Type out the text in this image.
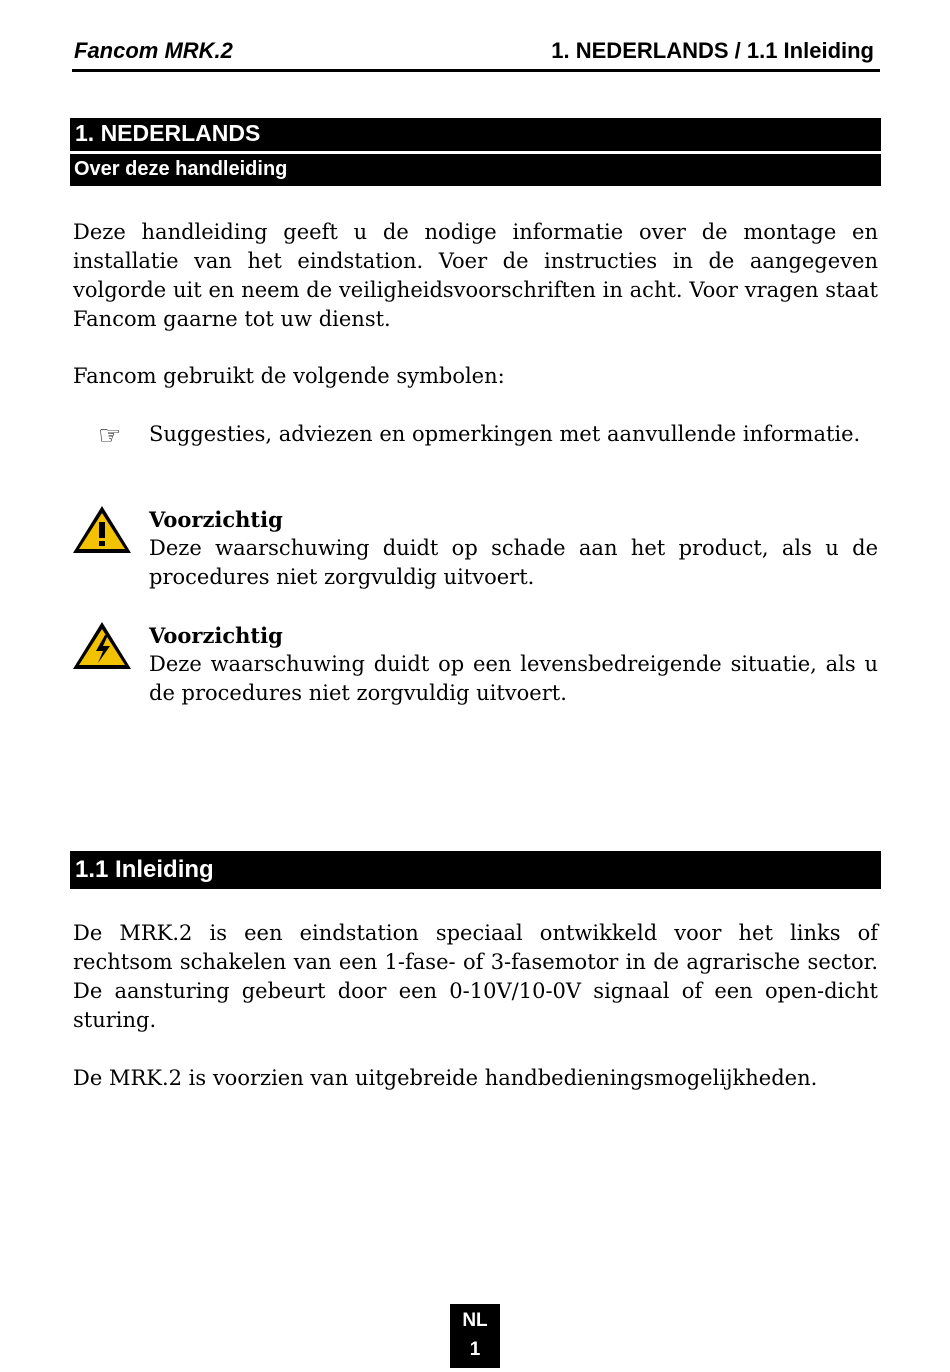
Fancom MRK.2	1. NEDERLANDS / 1.1 Inleiding
1. NEDERLANDS
Over deze handleiding

Deze handleiding geeft u de nodige informatie over de montage en installatie van het eindstation. Voer de instructies in de aangegeven volgorde uit en neem de veiligheidsvoorschriften in acht. Voor vragen staat Fancom gaarne tot uw dienst.

Fancom gebruikt de volgende symbolen:

☞ Suggesties, adviezen en opmerkingen met aanvullende informatie.
Voorzichtig
Deze waarschuwing duidt op schade aan het product, als u de procedures niet zorgvuldig uitvoert.
Voorzichtig
Deze waarschuwing duidt op een levensbedreigende situatie, als u de procedures niet zorgvuldig uitvoert.
1.1 Inleiding

De MRK.2 is een eindstation speciaal ontwikkeld voor het links of rechtsom schakelen van een 1-fase- of 3-fasemotor in de agrarische sector. De aansturing gebeurt door een 0-10V/10-0V signaal of een open-dicht sturing.

De MRK.2 is voorzien van uitgebreide handbedieningsmogelijkheden.

NL
1
